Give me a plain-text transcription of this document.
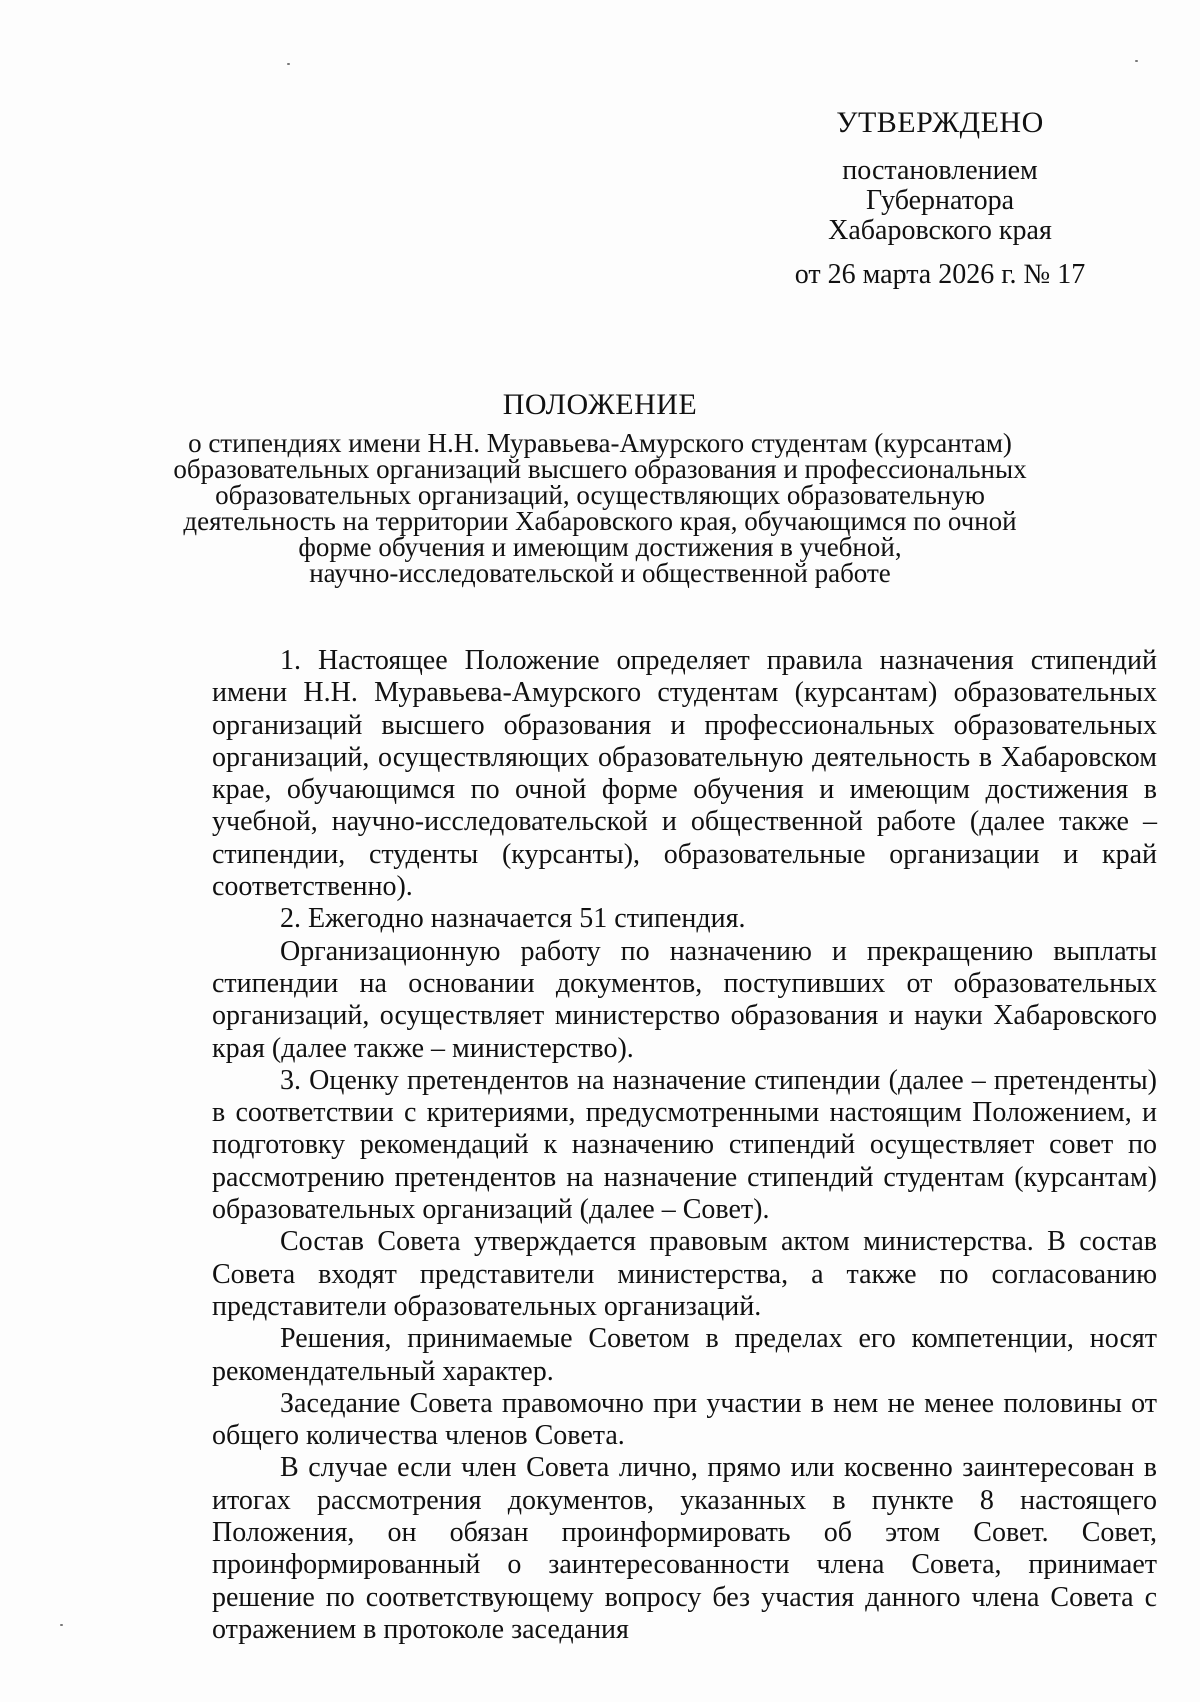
УТВЕРЖДЕНО
постановлением
Губернатора
Хабаровского края
от 26 марта 2026 г. № 17
ПОЛОЖЕНИЕ
о стипендиях имени Н.Н. Муравьева-Амурского студентам (курсантам)
образовательных организаций высшего образования и профессиональных
образовательных организаций, осуществляющих образовательную
деятельность на территории Хабаровского края, обучающимся по очной
форме обучения и имеющим достижения в учебной,
научно-исследовательской и общественной работе

1. Настоящее Положение определяет правила назначения стипендий имени Н.Н. Муравьева-Амурского студентам (курсантам) образовательных организаций высшего образования и профессиональных образовательных организаций, осуществляющих образовательную деятельность в Хабаровском крае, обучающимся по очной форме обучения и имеющим достижения в учебной, научно-исследовательской и общественной работе (далее также – стипендии, студенты (курсанты), образовательные организации и край соответственно).

2. Ежегодно назначается 51 стипендия.

Организационную работу по назначению и прекращению выплаты стипендии на основании документов, поступивших от образовательных организаций, осуществляет министерство образования и науки Хабаровского края (далее также – министерство).

3. Оценку претендентов на назначение стипендии (далее – претенденты) в соответствии с критериями, предусмотренными настоящим Положением, и подготовку рекомендаций к назначению стипендий осуществляет совет по рассмотрению претендентов на назначение стипендий студентам (курсантам) образовательных организаций (далее – Совет).

Состав Совета утверждается правовым актом министерства. В состав Совета входят представители министерства, а также по согласованию представители образовательных организаций.

Решения, принимаемые Советом в пределах его компетенции, носят рекомендательный характер.

Заседание Совета правомочно при участии в нем не менее половины от общего количества членов Совета.

В случае если член Совета лично, прямо или косвенно заинтересован в итогах рассмотрения документов, указанных в пункте 8 настоящего Положения, он обязан проинформировать об этом Совет. Совет, проинформированный о заинтересованности члена Совета, принимает решение по соответствующему вопросу без участия данного члена Совета с отражением в протоколе заседания
